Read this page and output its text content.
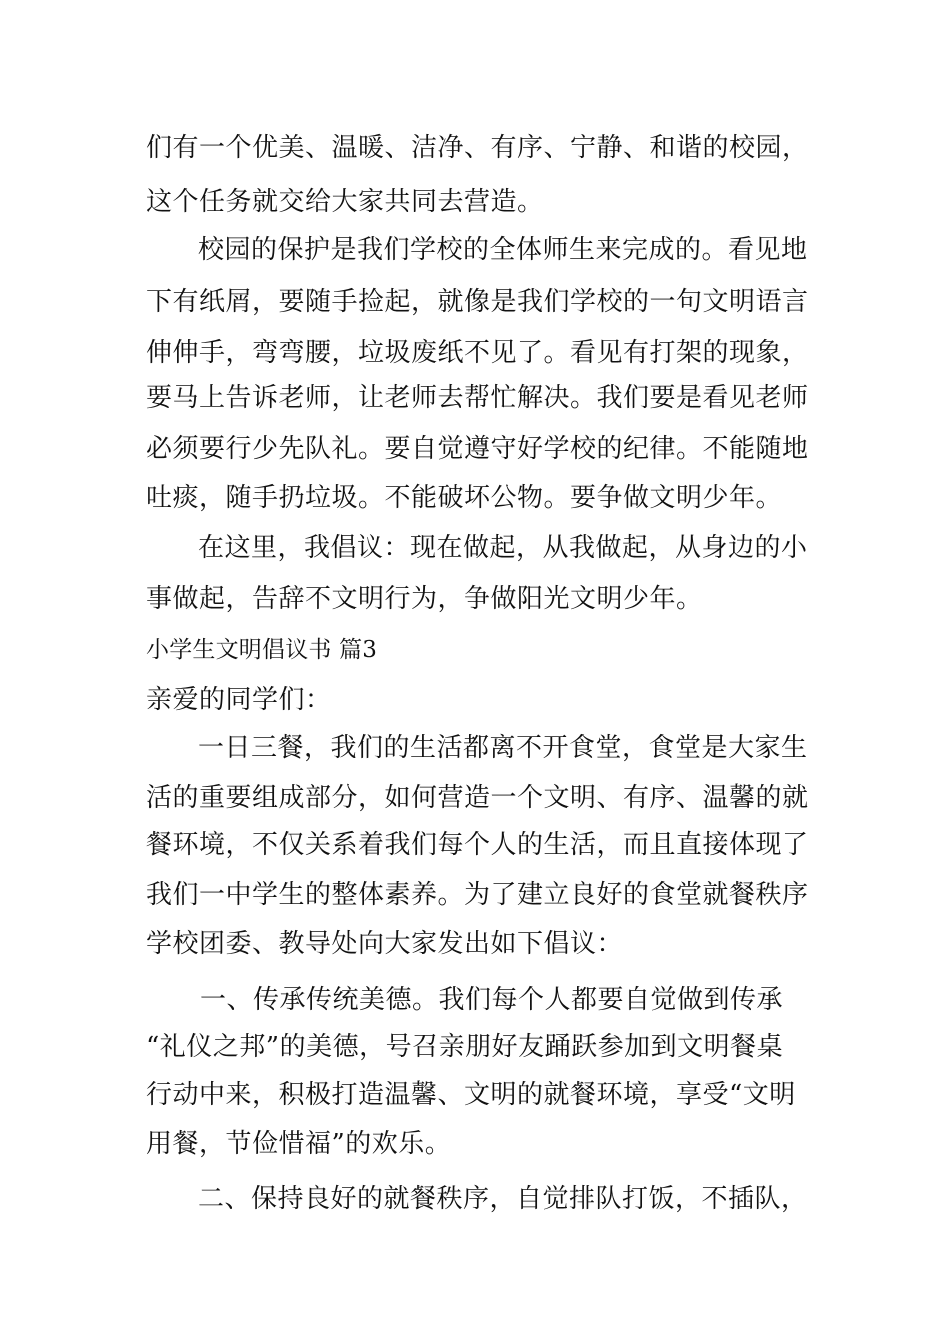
们有一个优美、温暖、洁净、有序、宁静、和谐的校园，
这个任务就交给大家共同去营造。
校园的保护是我们学校的全体师生来完成的。看见地
下有纸屑，要随手捡起，就像是我们学校的一句文明语言
伸伸手，弯弯腰，垃圾废纸不见了。看见有打架的现象，
要马上告诉老师，让老师去帮忙解决。我们要是看见老师
必须要行少先队礼。要自觉遵守好学校的纪律。不能随地
吐痰，随手扔垃圾。不能破坏公物。要争做文明少年。
在这里，我倡议：现在做起，从我做起，从身边的小
事做起，告辞不文明行为，争做阳光文明少年。
小学生文明倡议书 篇3
亲爱的同学们：
一日三餐，我们的生活都离不开食堂，食堂是大家生
活的重要组成部分，如何营造一个文明、有序、温馨的就
餐环境，不仅关系着我们每个人的生活，而且直接体现了
我们一中学生的整体素养。为了建立良好的食堂就餐秩序
学校团委、教导处向大家发出如下倡议：
一、传承传统美德。我们每个人都要自觉做到传承
“礼仪之邦”的美德，号召亲朋好友踊跃参加到文明餐桌
行动中来，积极打造温馨、文明的就餐环境，享受“文明
用餐，节俭惜福”的欢乐。
二、保持良好的就餐秩序，自觉排队打饭，不插队，
